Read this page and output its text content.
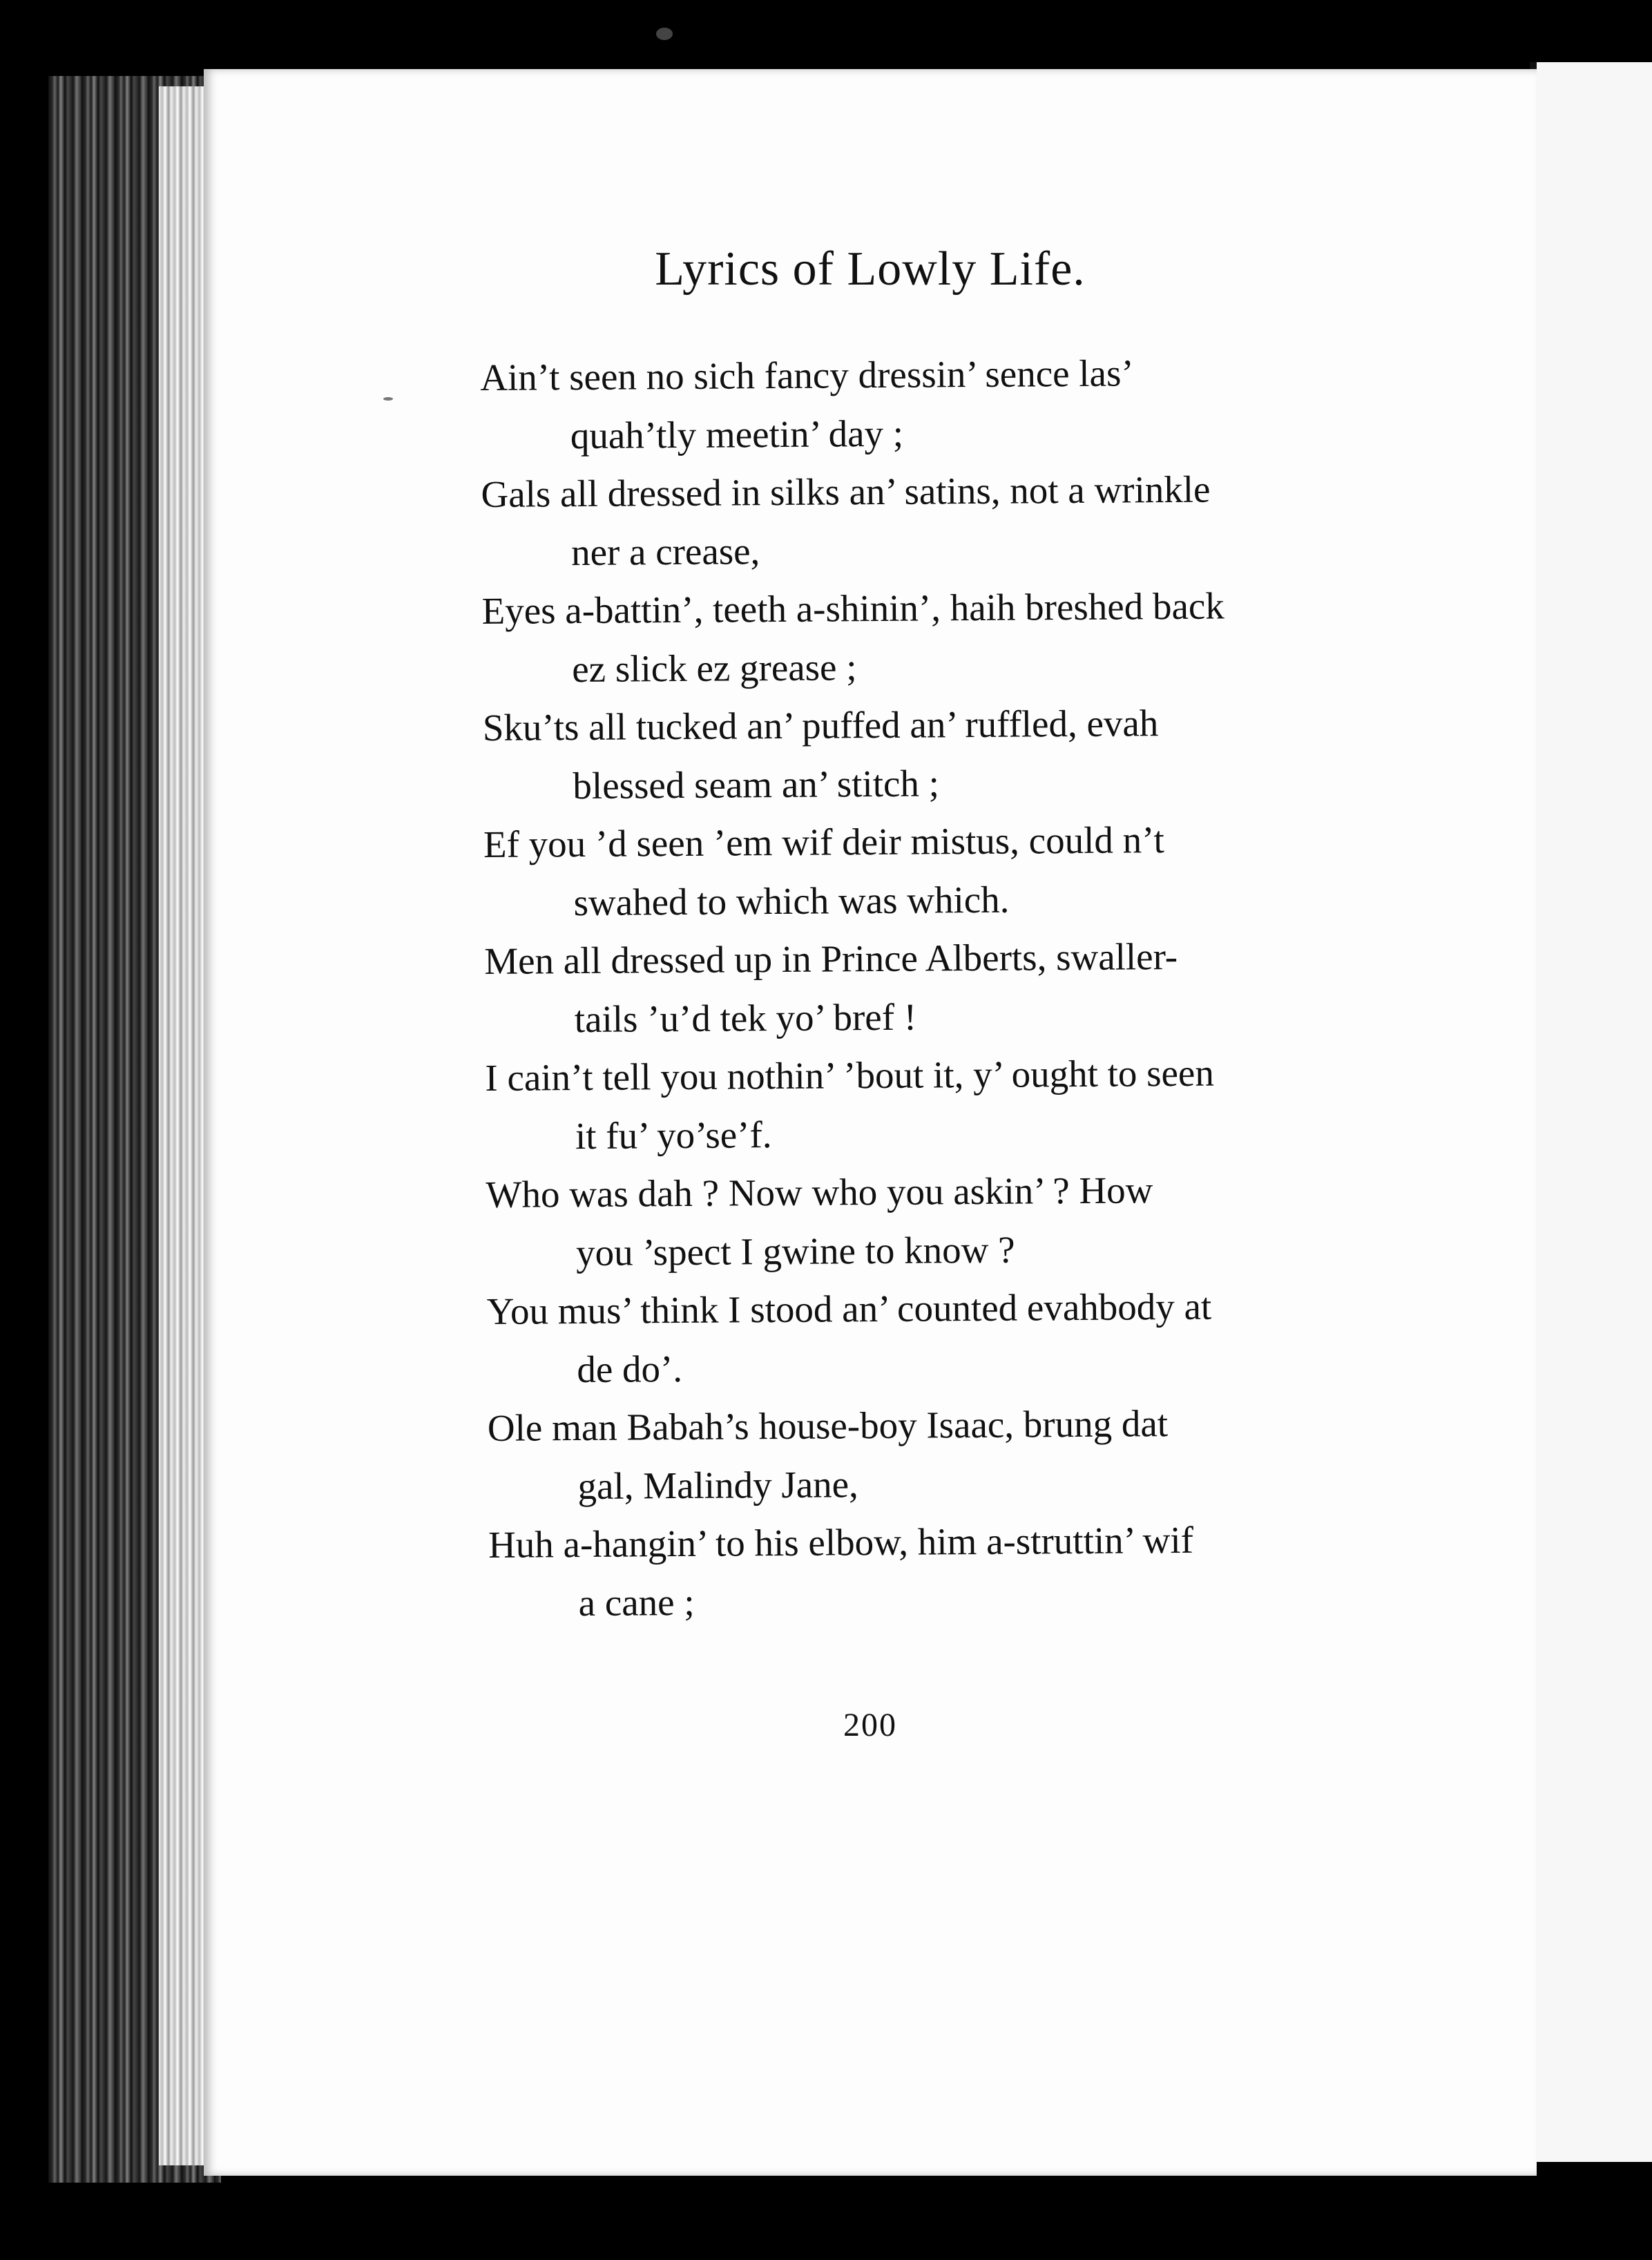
Lyrics of Lowly Life.
Ain’t seen no sich fancy dressin’ sence las’
quah’tly meetin’ day ;
Gals all dressed in silks an’ satins, not a wrinkle
ner a crease,
Eyes a-battin’, teeth a-shinin’, haih breshed back
ez slick ez grease ;
Sku’ts all tucked an’ puffed an’ ruffled, evah
blessed seam an’ stitch ;
Ef you ’d seen ’em wif deir mistus, could n’t
swahed to which was which.
Men all dressed up in Prince Alberts, swaller-
tails ’u’d tek yo’ bref !
I cain’t tell you nothin’ ’bout it, y’ ought to seen
it fu’ yo’se’f.
Who was dah ? Now who you askin’ ? How
you ’spect I gwine to know ?
You mus’ think I stood an’ counted evahbody at
de do’.
Ole man Babah’s house-boy Isaac, brung dat
gal, Malindy Jane,
Huh a-hangin’ to his elbow, him a-struttin’ wif
a cane ;
200
